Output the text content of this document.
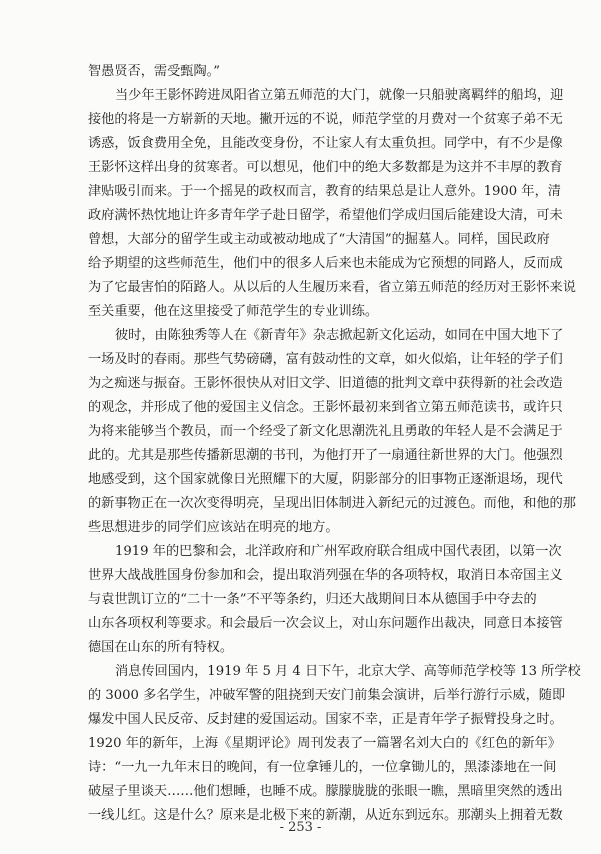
智愚贤否，需受甄陶。”
当少年王影怀跨进凤阳省立第五师范的大门，就像一只船驶离羁绊的船坞，迎
接他的将是一方崭新的天地。撇开远的不说，师范学堂的月费对一个贫寒子弟不无
诱惑，饭食费用全免，且能改变身份，不让家人有太重负担。同学中，有不少是像
王影怀这样出身的贫寒者。可以想见，他们中的绝大多数都是为这并不丰厚的教育
津贴吸引而来。于一个摇晃的政权而言，教育的结果总是让人意外。1900 年，清
政府满怀热忱地让许多青年学子赴日留学，希望他们学成归国后能建设大清，可未
曾想，大部分的留学生或主动或被动地成了“大清国”的掘墓人。同样，国民政府
给予期望的这些师范生，他们中的很多人后来也未能成为它预想的同路人，反而成
为了它最害怕的陌路人。从以后的人生履历来看，省立第五师范的经历对王影怀来说
至关重要，他在这里接受了师范学生的专业训练。
彼时，由陈独秀等人在《新青年》杂志掀起新文化运动，如同在中国大地下了
一场及时的春雨。那些气势磅礴，富有鼓动性的文章，如火似焰，让年轻的学子们
为之痴迷与振奋。王影怀很快从对旧文学、旧道德的批判文章中获得新的社会改造
的观念，并形成了他的爱国主义信念。王影怀最初来到省立第五师范读书，或许只
为将来能够当个教员，而一个经受了新文化思潮洗礼且勇敢的年轻人是不会满足于
此的。尤其是那些传播新思潮的书刊，为他打开了一扇通往新世界的大门。他强烈
地感受到，这个国家就像日光照耀下的大厦，阴影部分的旧事物正逐渐退场，现代
的新事物正在一次次变得明亮，呈现出旧体制进入新纪元的过渡色。而他，和他的那
些思想进步的同学们应该站在明亮的地方。
1919 年的巴黎和会，北洋政府和广州军政府联合组成中国代表团，以第一次
世界大战战胜国身份参加和会，提出取消列强在华的各项特权，取消日本帝国主义
与袁世凯订立的“二十一条”不平等条约，归还大战期间日本从德国手中夺去的
山东各项权利等要求。和会最后一次会议上，对山东问题作出裁决，同意日本接管
德国在山东的所有特权。
消息传回国内，1919 年 5 月 4 日下午，北京大学、高等师范学校等 13 所学校
的 3000 多名学生，冲破军警的阻挠到天安门前集会演讲，后举行游行示威，随即
爆发中国人民反帝、反封建的爱国运动。国家不幸，正是青年学子振臂投身之时。
1920 年的新年，上海《星期评论》周刊发表了一篇署名刘大白的《红色的新年》
诗：“一九一九年末日的晚间，有一位拿锤儿的，一位拿锄儿的，黑漆漆地在一间
破屋子里谈天……他们想睡，也睡不成。朦朦胧胧的张眼一瞧，黑暗里突然的透出
一线儿红。这是什么？原来是北极下来的新潮，从近东到远东。那潮头上拥着无数
- 253 -
